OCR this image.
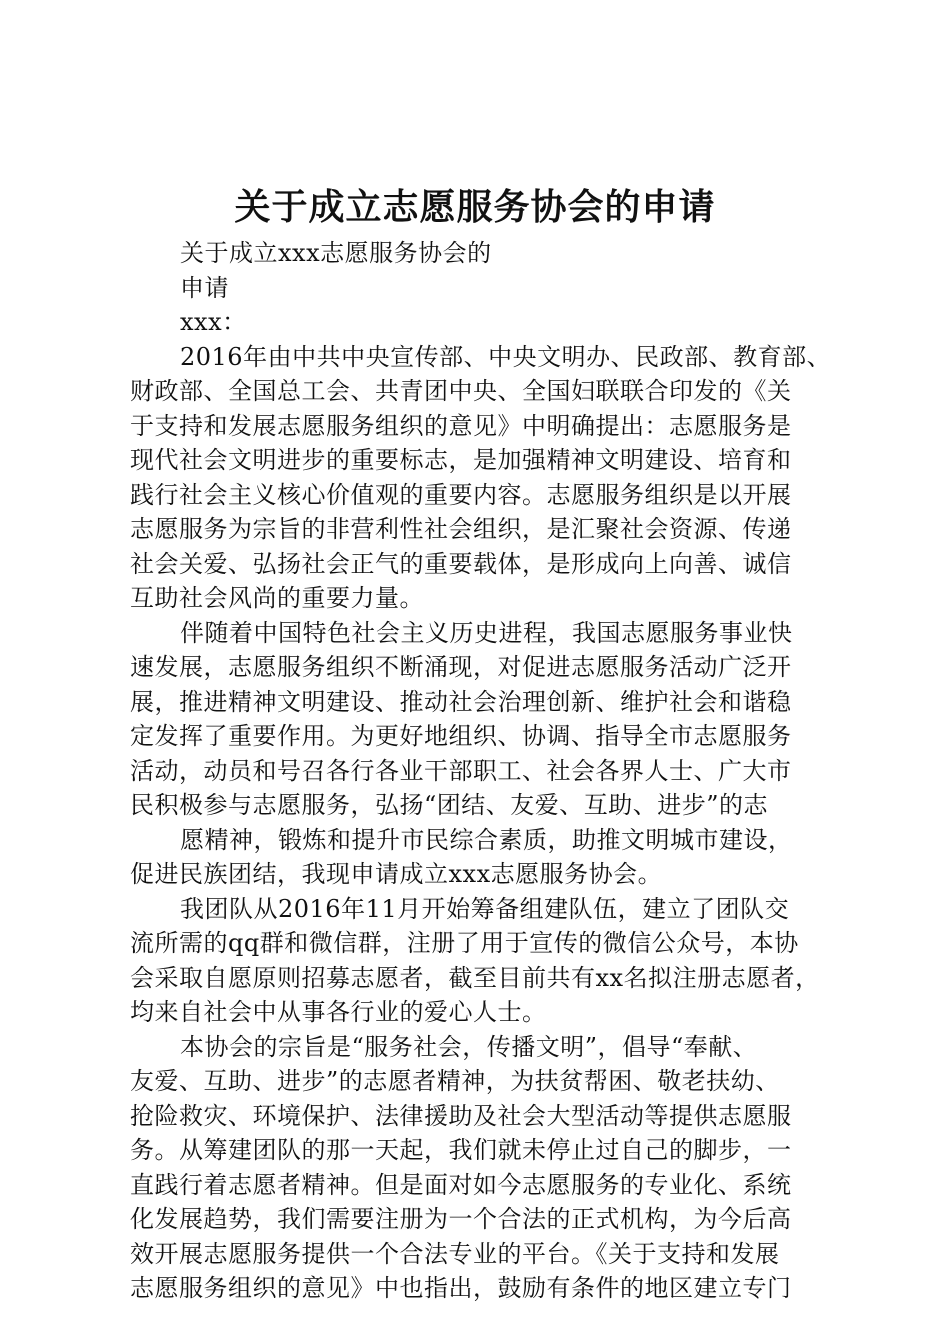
关于成立志愿服务协会的申请
关于成立xxx志愿服务协会的
申请
xxx：
2016年由中共中央宣传部、中央文明办、民政部、教育部、
财政部、全国总工会、共青团中央、全国妇联联合印发的《关
于支持和发展志愿服务组织的意见》中明确提出：志愿服务是
现代社会文明进步的重要标志，是加强精神文明建设、培育和
践行社会主义核心价值观的重要内容。志愿服务组织是以开展
志愿服务为宗旨的非营利性社会组织，是汇聚社会资源、传递
社会关爱、弘扬社会正气的重要载体，是形成向上向善、诚信
互助社会风尚的重要力量。
伴随着中国特色社会主义历史进程，我国志愿服务事业快
速发展，志愿服务组织不断涌现，对促进志愿服务活动广泛开
展，推进精神文明建设、推动社会治理创新、维护社会和谐稳
定发挥了重要作用。为更好地组织、协调、指导全市志愿服务
活动，动员和号召各行各业干部职工、社会各界人士、广大市
民积极参与志愿服务，弘扬“团结、友爱、互助、进步”的志
愿精神，锻炼和提升市民综合素质，助推文明城市建设，
促进民族团结，我现申请成立xxx志愿服务协会。
我团队从2016年11月开始筹备组建队伍，建立了团队交
流所需的qq群和微信群，注册了用于宣传的微信公众号，本协
会采取自愿原则招募志愿者，截至目前共有xx名拟注册志愿者，
均来自社会中从事各行业的爱心人士。
本协会的宗旨是“服务社会，传播文明”，倡导“奉献、
友爱、互助、进步”的志愿者精神，为扶贫帮困、敬老扶幼、
抢险救灾、环境保护、法律援助及社会大型活动等提供志愿服
务。从筹建团队的那一天起，我们就未停止过自己的脚步，一
直践行着志愿者精神。但是面对如今志愿服务的专业化、系统
化发展趋势，我们需要注册为一个合法的正式机构，为今后高
效开展志愿服务提供一个合法专业的平台。《关于支持和发展
志愿服务组织的意见》中也指出，鼓励有条件的地区建立专门
